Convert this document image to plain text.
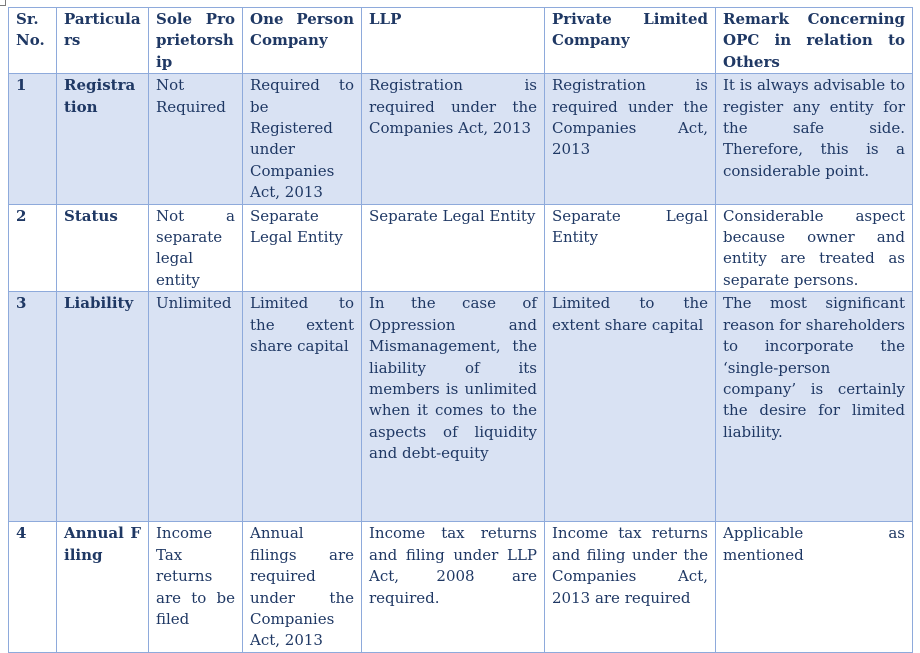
Sr. No.	Particulars	Sole Proprietorship	One Person Company	LLP	Private Limited Company	Remark Concerning OPC in relation to Others
1	Registration	Not Required	Required to be Registered under Companies Act, 2013	Registration is required under the Companies Act, 2013	Registration is required under the Companies Act, 2013	It is always advisable to register any entity for the safe side. Therefore, this is a considerable point.
2	Status	Not a separate legal entity	Separate Legal Entity	Separate Legal Entity	Separate Legal Entity	Considerable aspect because owner and entity are treated as separate persons.
3	Liability	Unlimited	Limited to the extent share capital	In the case of Oppression and Mismanagement, the liability of its members is unlimited when it comes to the aspects of liquidity and debt-equity	Limited to the extent share capital	The most significant reason for shareholders to incorporate the ‘single-person company’ is certainly the desire for limited liability.
4	Annual Filing	Income Tax returns are to be filed	Annual filings are required under the Companies Act, 2013	Income tax returns and filing under LLP Act, 2008 are required.	Income tax returns and filing under the Companies Act, 2013 are required	Applicable as mentioned
